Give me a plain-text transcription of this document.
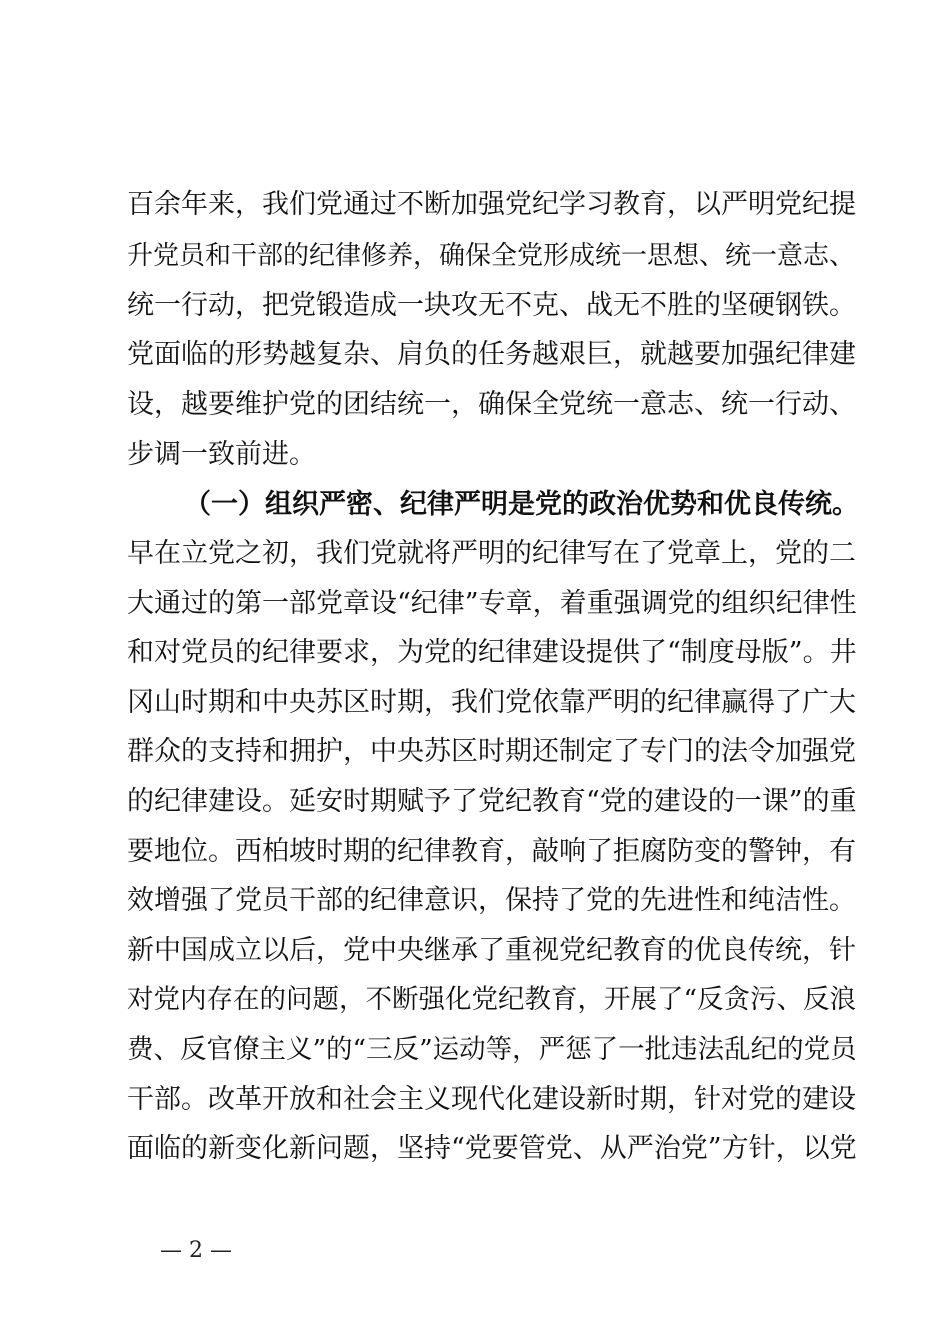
百余年来，我们党通过不断加强党纪学习教育，以严明党纪提
升党员和干部的纪律修养，确保全党形成统一思想、统一意志、
统一行动，把党锻造成一块攻无不克、战无不胜的坚硬钢铁。
党面临的形势越复杂、肩负的任务越艰巨，就越要加强纪律建
设，越要维护党的团结统一，确保全党统一意志、统一行动、
步调一致前进。
（一）组织严密、纪律严明是党的政治优势和优良传统。
早在立党之初，我们党就将严明的纪律写在了党章上，党的二
大通过的第一部党章设“纪律”专章，着重强调党的组织纪律性
和对党员的纪律要求，为党的纪律建设提供了“制度母版”。井
冈山时期和中央苏区时期，我们党依靠严明的纪律赢得了广大
群众的支持和拥护，中央苏区时期还制定了专门的法令加强党
的纪律建设。延安时期赋予了党纪教育“党的建设的一课”的重
要地位。西柏坡时期的纪律教育，敲响了拒腐防变的警钟，有
效增强了党员干部的纪律意识，保持了党的先进性和纯洁性。
新中国成立以后，党中央继承了重视党纪教育的优良传统，针
对党内存在的问题，不断强化党纪教育，开展了“反贪污、反浪
费、反官僚主义”的“三反”运动等，严惩了一批违法乱纪的党员
干部。改革开放和社会主义现代化建设新时期，针对党的建设
面临的新变化新问题，坚持“党要管党、从严治党”方针，以党
— 2 —
